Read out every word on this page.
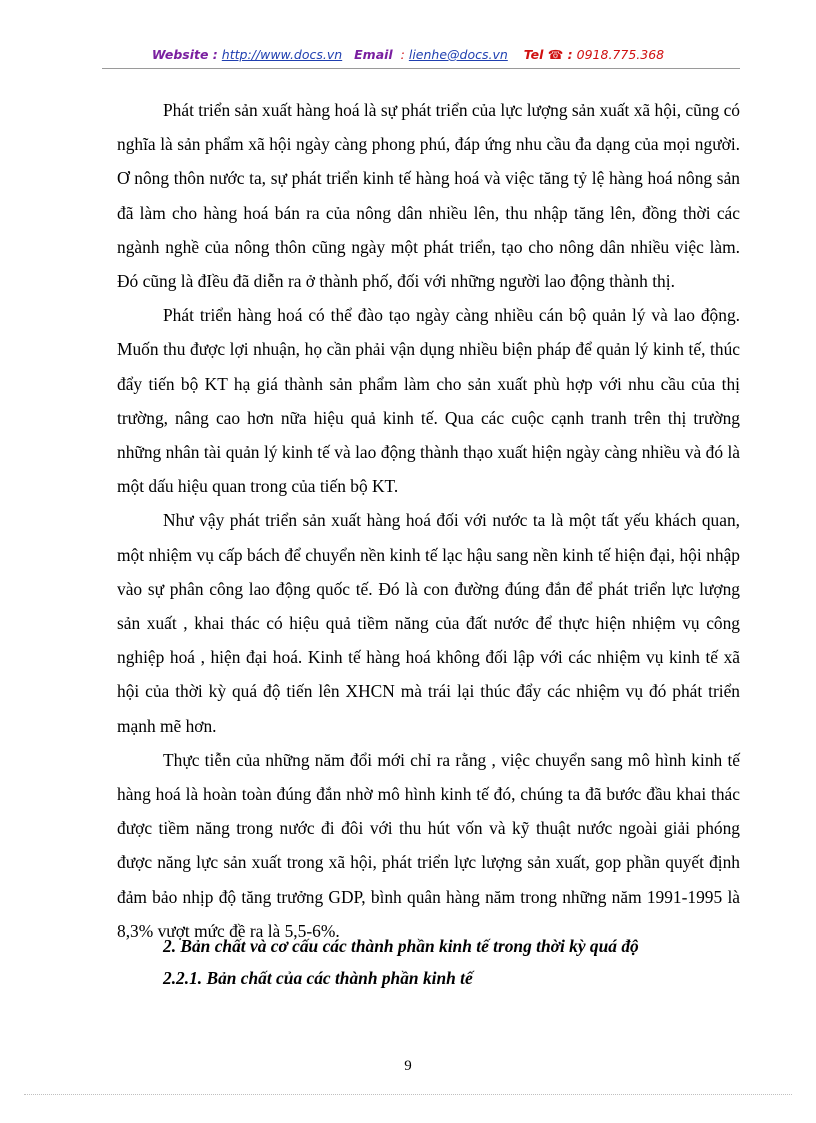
Website : http://www.docs.vn Email : lienhe@docs.vn Tel ☎ : 0918.775.368

Phát triển sản xuất hàng hoá là sự phát triển của lực lượng sản xuất xã hội, cũng có nghĩa là sản phẩm xã hội ngày càng phong phú, đáp ứng nhu cầu đa dạng của mọi người. Ơ nông thôn nước ta, sự phát triển kinh tế hàng hoá và việc tăng tỷ lệ hàng hoá nông sản đã làm cho hàng hoá bán ra của nông dân nhiều lên, thu nhập tăng lên, đồng thời các ngành nghề của nông thôn cũng ngày một phát triển, tạo cho nông dân nhiều việc làm. Đó cũng là đIều đã diễn ra ở thành phố, đối với những người lao động thành thị.

Phát triển hàng hoá có thể đào tạo ngày càng nhiều cán bộ quản lý và lao động. Muốn thu được lợi nhuận, họ cần phải vận dụng nhiều biện pháp để quản lý kinh tế, thúc đẩy tiến bộ KT hạ giá thành sản phẩm làm cho sản xuất phù hợp với nhu cầu của thị trường, nâng cao hơn nữa hiệu quả kinh tế. Qua các cuộc cạnh tranh trên thị trường những nhân tài quản lý kinh tế và lao động thành thạo xuất hiện ngày càng nhiều và đó là một dấu hiệu quan trong của tiến bộ KT.

Như vậy phát triển sản xuất hàng hoá đối với nước ta là một tất yếu khách quan, một nhiệm vụ cấp bách để chuyển nền kinh tế lạc hậu sang nền kinh tế hiện đại, hội nhập vào sự phân công lao động quốc tế. Đó là con đường đúng đắn để phát triển lực lượng sản xuất , khai thác có hiệu quả tiềm năng của đất nước để thực hiện nhiệm vụ công nghiệp hoá , hiện đại hoá. Kinh tế hàng hoá không đối lập với các nhiệm vụ kinh tế xã hội của thời kỳ quá độ tiến lên XHCN mà trái lại thúc đẩy các nhiệm vụ đó phát triển mạnh mẽ hơn.

Thực tiễn của những năm đổi mới chỉ ra rằng , việc chuyển sang mô hình kinh tế hàng hoá là hoàn toàn đúng đắn nhờ mô hình kinh tế đó, chúng ta đã bước đầu khai thác được tiềm năng trong nước đi đôi với thu hút vốn và kỹ thuật nước ngoài giải phóng được năng lực sản xuất trong xã hội, phát triển lực lượng sản xuất, gop phần quyết định đảm bảo nhịp độ tăng trưởng GDP, bình quân hàng năm trong những năm 1991-1995 là 8,3% vượt mức đề ra là 5,5-6%.

2. Bản chất và cơ cấu các thành phần kinh tế trong thời kỳ quá độ
2.2.1. Bản chất của các thành phần kinh tế
9
